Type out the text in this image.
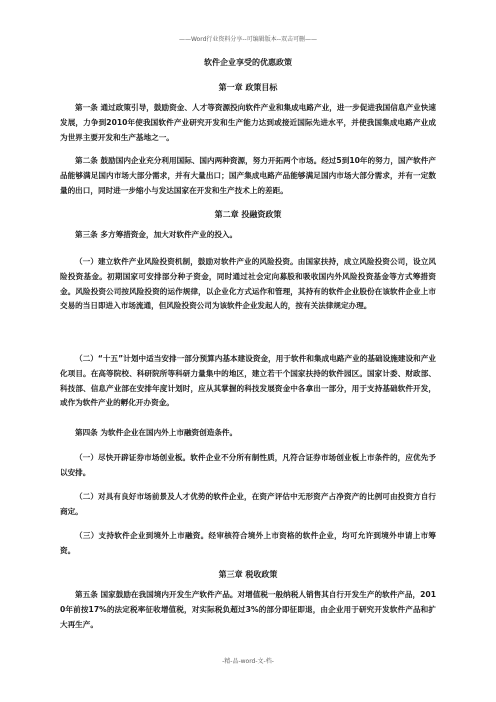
——Word行业资料分享--可编辑版本--双击可删——
软件企业享受的优惠政策
第一章 政策目标
第一条 通过政策引导，鼓励资金、人才等资源投向软件产业和集成电路产业，进一步促进我国信息产业快速发展，力争到2010年使我国软件产业研究开发和生产能力达到或接近国际先进水平，并使我国集成电路产业成为世界主要开发和生产基地之一。
第二条 鼓励国内企业充分利用国际、国内两种资源，努力开拓两个市场。经过5到10年的努力，国产软件产品能够满足国内市场大部分需求，并有大量出口；国产集成电路产品能够满足国内市场大部分需求，并有一定数量的出口，同时进一步缩小与发达国家在开发和生产技术上的差距。
第二章 投融资政策
第三条 多方筹措资金，加大对软件产业的投入。
（一）建立软件产业风险投资机制，鼓励对软件产业的风险投资。由国家扶持，成立风险投资公司，设立风险投资基金。初期国家可安排部分种子资金，同时通过社会定向募股和吸收国内外风险投资基金等方式筹措资金。风险投资公司按风险投资的运作规律，以企业化方式运作和管理，其持有的软件企业股份在该软件企业上市交易的当日即进入市场流通，但风险投资公司为该软件企业发起人的，按有关法律规定办理。
（二）“十五”计划中适当安排一部分预算内基本建设资金，用于软件和集成电路产业的基础设施建设和产业化项目。在高等院校、科研院所等科研力量集中的地区，建立若干个国家扶持的软件园区。国家计委、财政部、科技部、信息产业部在安排年度计划时，应从其掌握的科技发展资金中各拿出一部分，用于支持基础软件开发，或作为软件产业的孵化开办资金。
第四条 为软件企业在国内外上市融资创造条件。
（一）尽快开辟证券市场创业板。软件企业不分所有制性质，凡符合证券市场创业板上市条件的，应优先予以安排。
（二）对具有良好市场前景及人才优势的软件企业，在资产评估中无形资产占净资产的比例可由投资方自行商定。
（三）支持软件企业到境外上市融资。经审核符合境外上市资格的软件企业，均可允许到境外申请上市筹资。
第三章 税收政策
第五条 国家鼓励在我国境内开发生产软件产品。对增值税一般纳税人销售其自行开发生产的软件产品，2010年前按17%的法定税率征收增值税，对实际税负超过3%的部分即征即退，由企业用于研究开发软件产品和扩大再生产。
-精-品-word-文-档-
